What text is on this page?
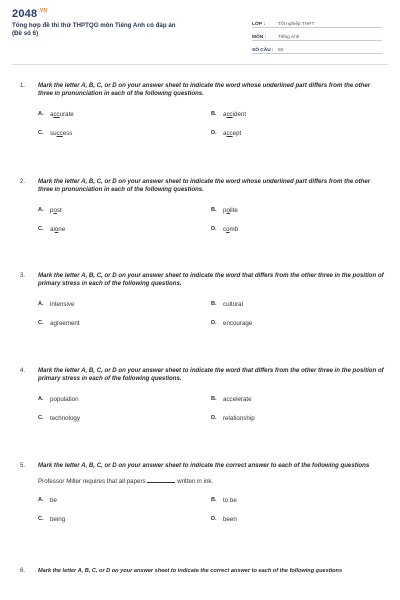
$2048^{.VN}$
Tổng hợp đề thi thử THPTQG môn Tiếng Anh có đáp án
(Đề số 6)
LỚP :	Tốt nghiệp THPT
MÔN :	Tiếng Anh
SỐ CÂU : 50
1.	Mark the letter A, B, C, or D on your answer sheet to indicate the word whose underlined part differs from the other three in pronunciation in each of the following questions.
A.	accurate	B.	accident
C.	success	D.	accept
2.	Mark the letter A, B, C, or D on your answer sheet to indicate the word whose underlined part differs from the other three in pronunciation in each of the following questions.
A.	post	B.	polite
C.	alone	D.	comb
3.	Mark the letter A, B, C, or D on your answer sheet to indicate the word that differs from the other three in the position of primary stress in each of the following questions.
A.	intensive	B.	cultural
C.	agreement	D.	encourage
4.	Mark the letter A, B, C, or D on your answer sheet to indicate the word that differs from the other three in the position of primary stress in each of the following questions.
A.	population	B.	accelerate
C.	technology	D.	relationship
5.	Mark the letter A, B, C, or D on your answer sheet to indicate the correct answer to each of the following questions
Professor Miller requires that all papers	written in ink.
A.	be	B.	to be
C.	being	D.	been
6.	Mark the letter A, B, C, or D on your answer sheet to indicate the correct answer to each of the following questions
